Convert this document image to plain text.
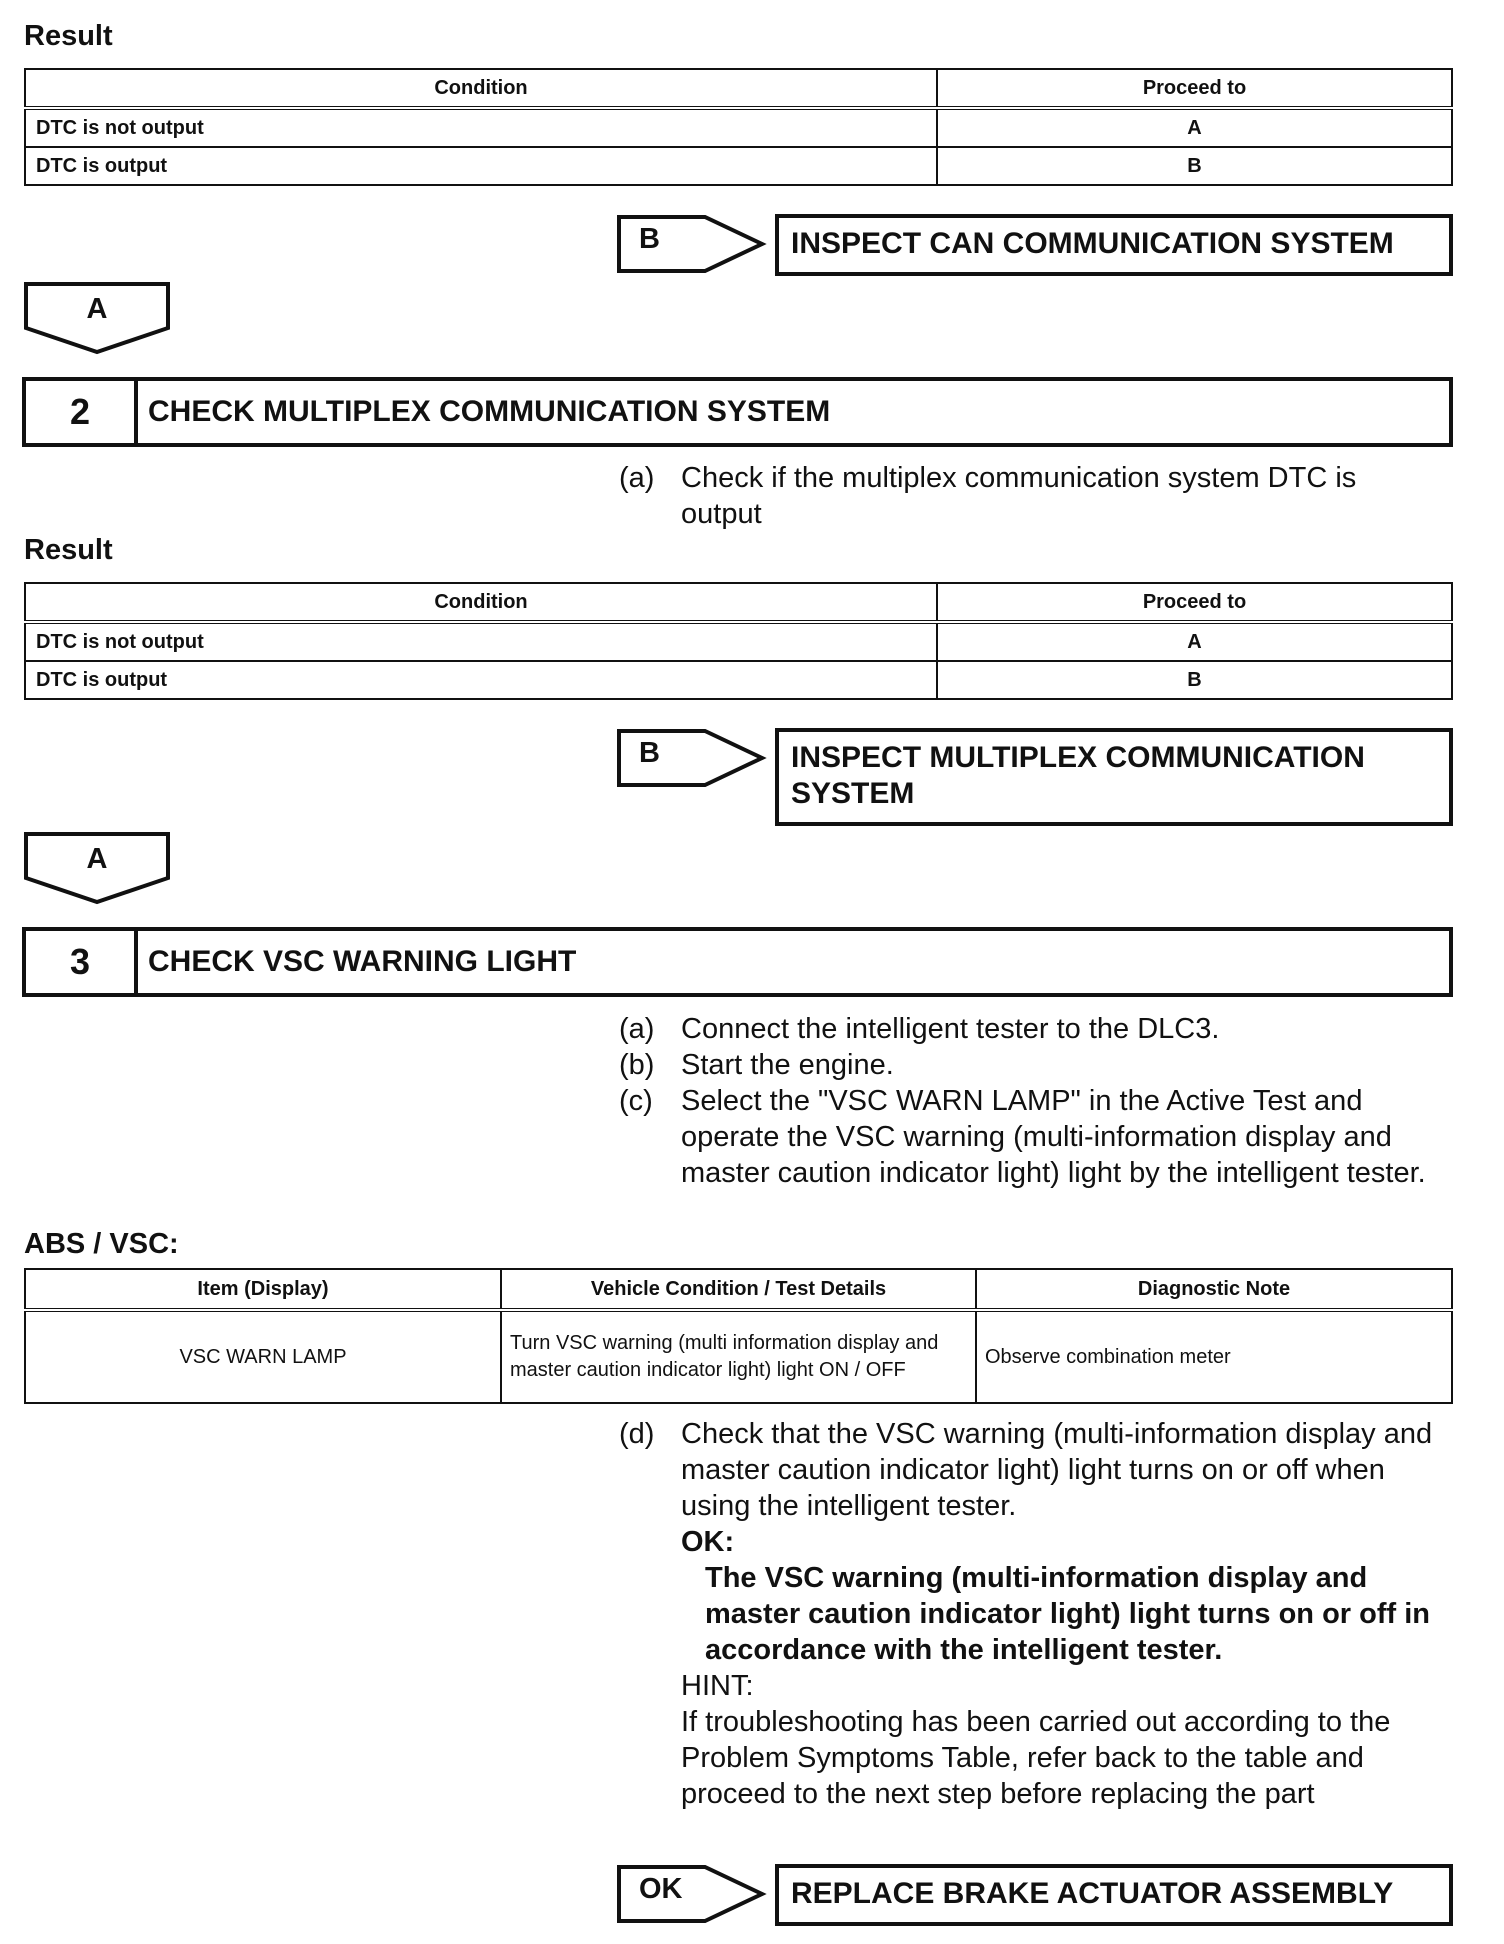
Result
Condition	Proceed to
DTC is not output	A
DTC is output	B
B	INSPECT CAN COMMUNICATION SYSTEM
A
2	CHECK MULTIPLEX COMMUNICATION SYSTEM
(a) Check if the multiplex communication system DTC is output
Result
Condition	Proceed to
DTC is not output	A
DTC is output	B
B	INSPECT MULTIPLEX COMMUNICATION SYSTEM
A
3	CHECK VSC WARNING LIGHT
(a) Connect the intelligent tester to the DLC3.
(b) Start the engine.
(c) Select the "VSC WARN LAMP" in the Active Test and operate the VSC warning (multi-information display and master caution indicator light) light by the intelligent tester.
ABS / VSC:
Item (Display)	Vehicle Condition / Test Details	Diagnostic Note
VSC WARN LAMP	Turn VSC warning (multi information display and master caution indicator light) light ON / OFF	Observe combination meter
(d) Check that the VSC warning (multi-information display and master caution indicator light) light turns on or off when using the intelligent tester.
OK:
The VSC warning (multi-information display and master caution indicator light) light turns on or off in accordance with the intelligent tester.
HINT:
If troubleshooting has been carried out according to the Problem Symptoms Table, refer back to the table and proceed to the next step before replacing the part
OK	REPLACE BRAKE ACTUATOR ASSEMBLY
